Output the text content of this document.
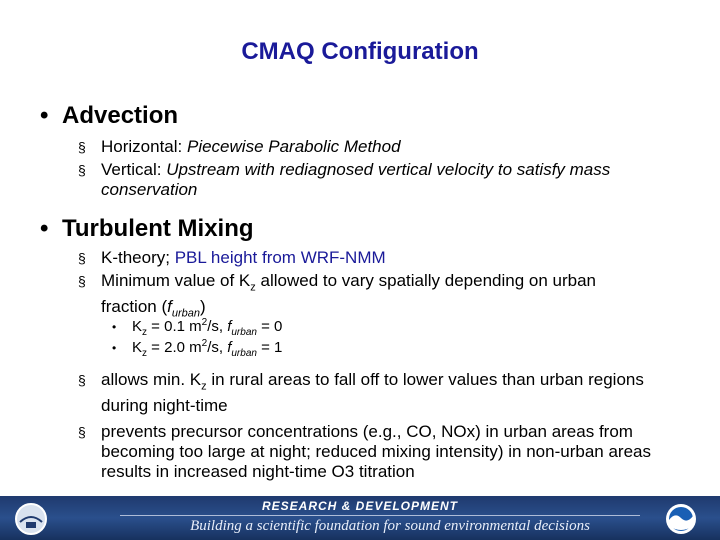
CMAQ Configuration
• Advection
§ Horizontal: Piecewise Parabolic Method
§ Vertical: Upstream with rediagnosed vertical velocity to satisfy mass conservation
• Turbulent Mixing
§ K-theory; PBL height from WRF-NMM
§ Minimum value of $K_z$ allowed to vary spatially depending on urban fraction $(f_{urban})$
• $K_z = 0.1$ $m^2/s$, $f_{urban} = 0$
• $K_z = 2.0$ $m^2/s$, $f_{urban} = 1$
§ allows min. $K_z$ in rural areas to fall off to lower values than urban regions during night-time
§ prevents precursor concentrations (e.g., CO, NOx) in urban areas from becoming too large at night; reduced mixing intensity) in non-urban areas results in increased night-time O3 titration
RESEARCH & DEVELOPMENT
Building a scientific foundation for sound environmental decisions
